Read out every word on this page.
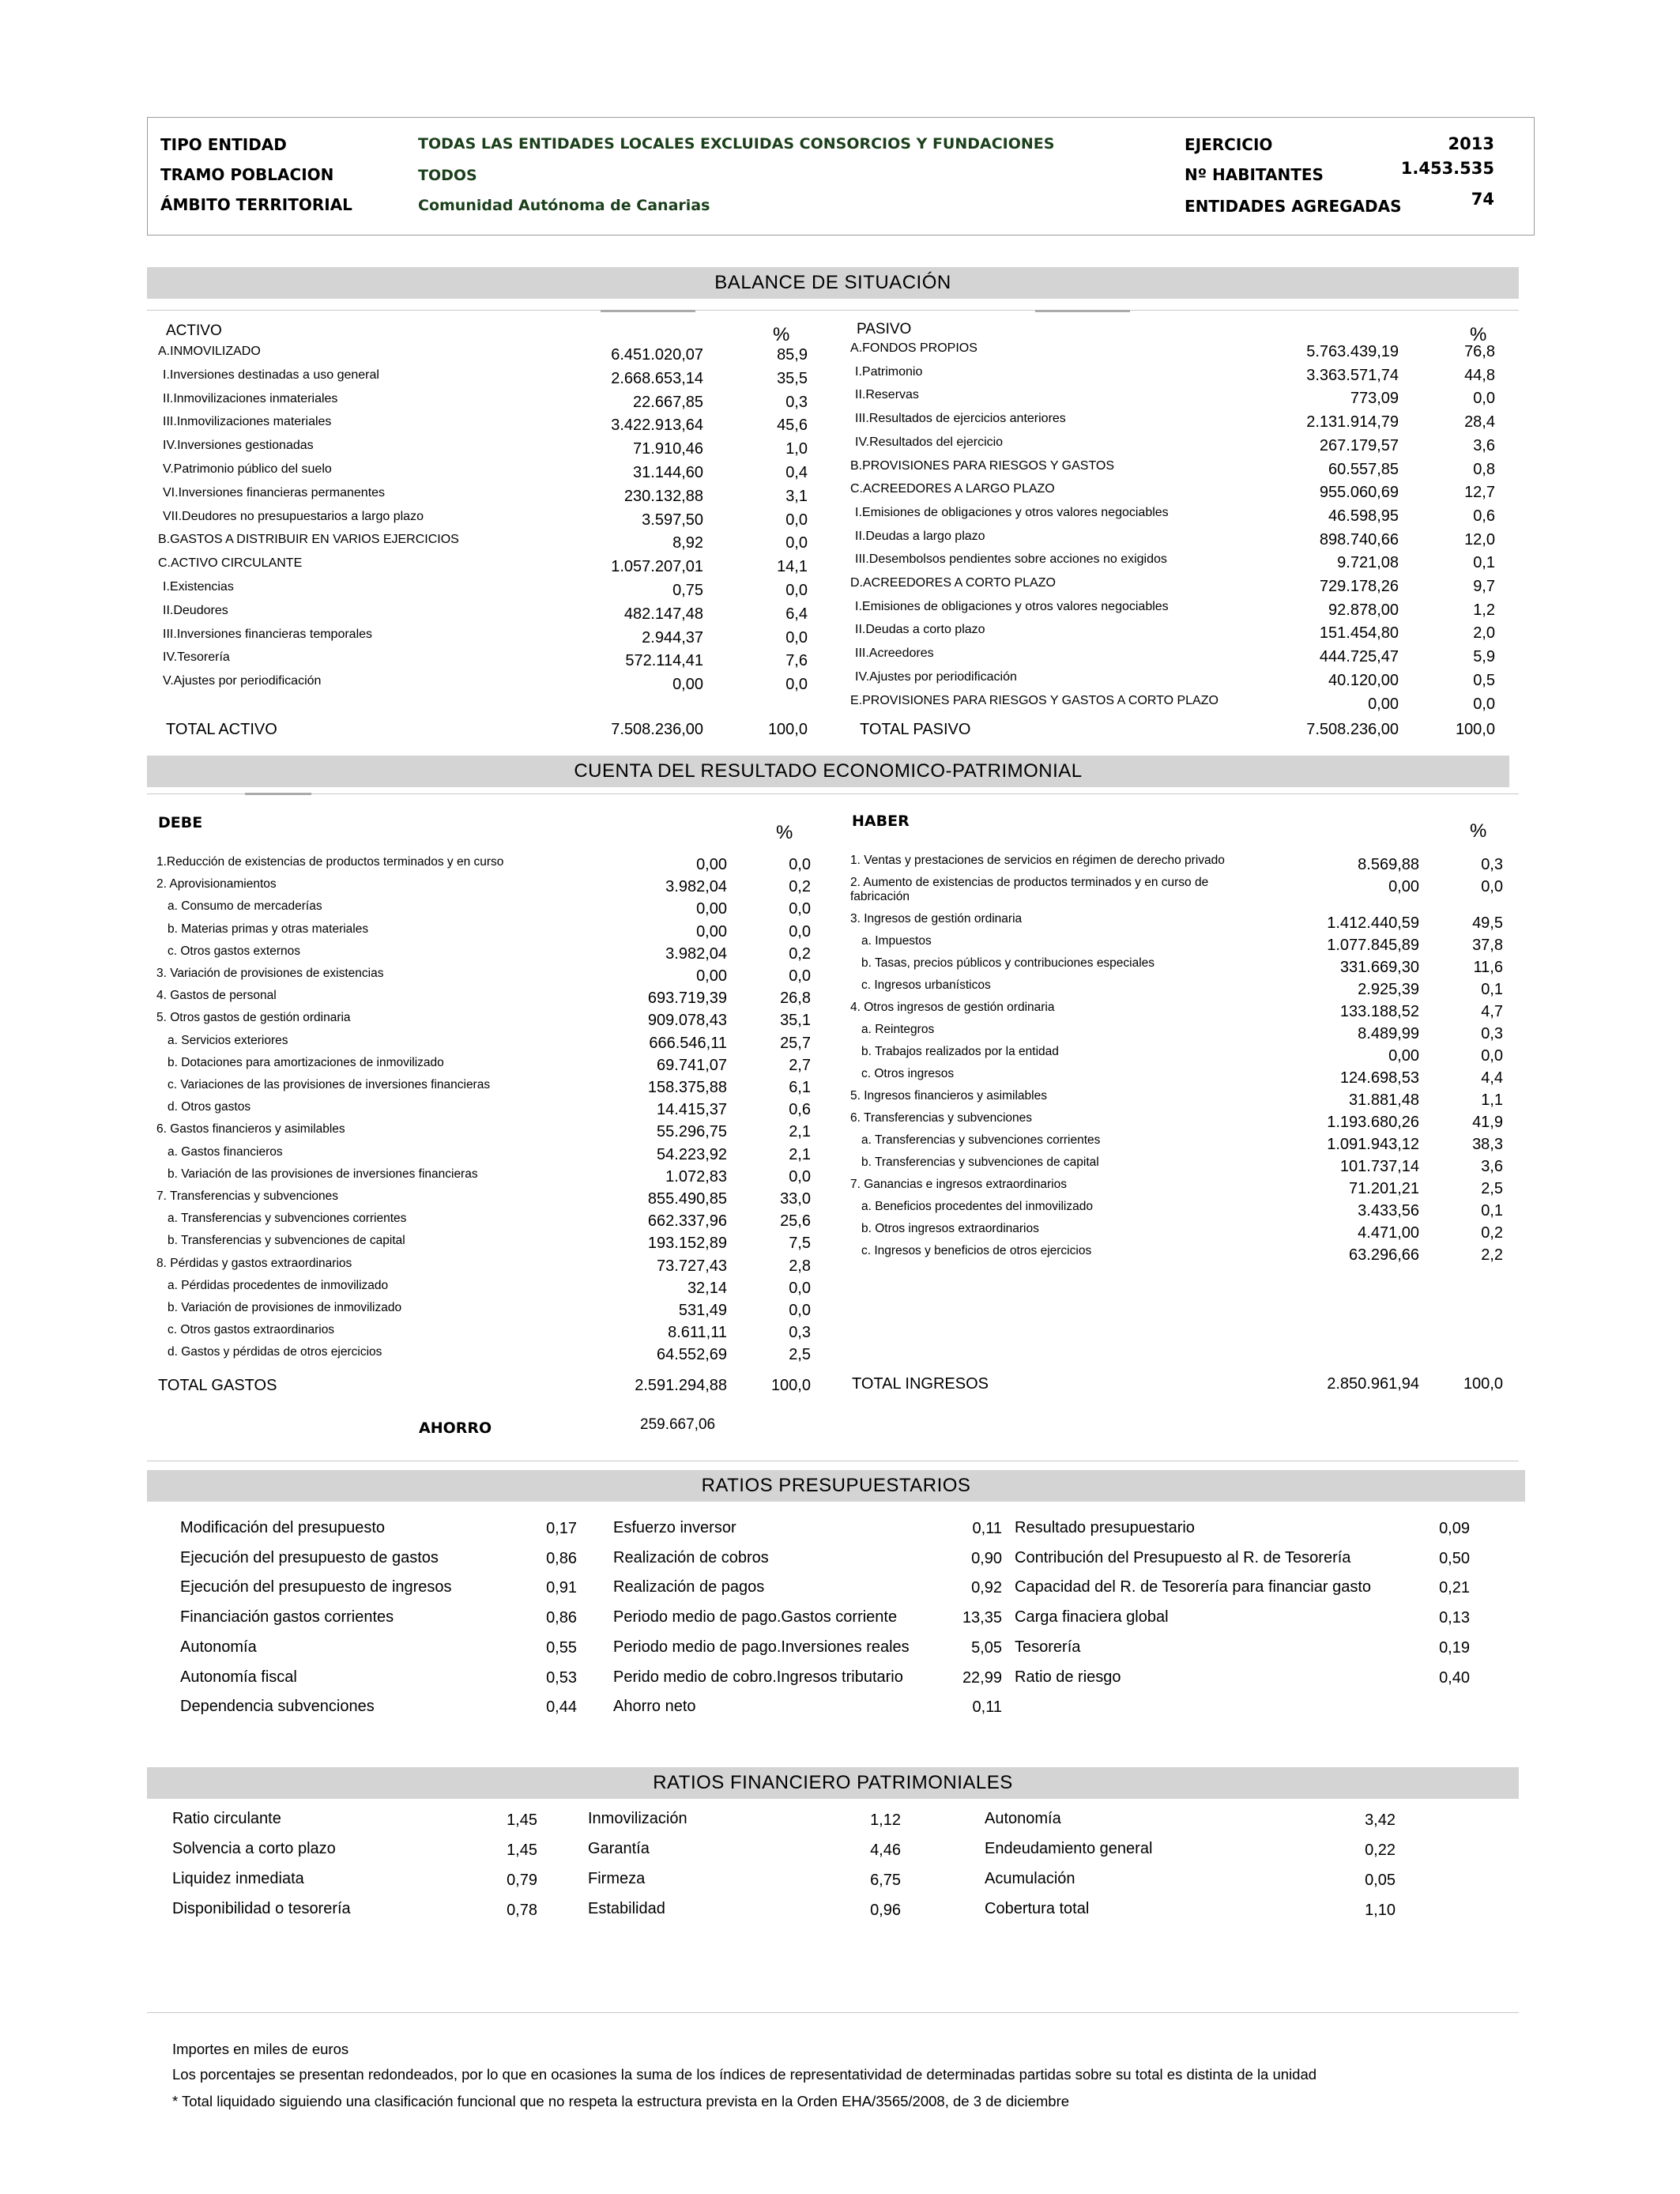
TIPO ENTIDAD	TODAS LAS ENTIDADES LOCALES EXCLUIDAS CONSORCIOS Y FUNDACIONES
TRAMO POBLACION	TODOS
ÁMBITO TERRITORIAL	Comunidad Autónoma de Canarias
EJERCICIO	2013
Nº HABITANTES	1.453.535
ENTIDADES AGREGADAS	74
BALANCE DE SITUACIÓN
ACTIVO	%	PASIVO	%
A.INMOVILIZADO	6.451.020,07	85,9
I.Inversiones destinadas a uso general	2.668.653,14	35,5
II.Inmovilizaciones inmateriales	22.667,85	0,3
III.Inmovilizaciones materiales	3.422.913,64	45,6
IV.Inversiones gestionadas	71.910,46	1,0
V.Patrimonio público del suelo	31.144,60	0,4
VI.Inversiones financieras permanentes	230.132,88	3,1
VII.Deudores no presupuestarios a largo plazo	3.597,50	0,0
B.GASTOS A DISTRIBUIR EN VARIOS EJERCICIOS	8,92	0,0
C.ACTIVO CIRCULANTE	1.057.207,01	14,1
I.Existencias	0,75	0,0
II.Deudores	482.147,48	6,4
III.Inversiones financieras temporales	2.944,37	0,0
IV.Tesorería	572.114,41	7,6
V.Ajustes por periodificación	0,00	0,0
A.FONDOS PROPIOS	5.763.439,19	76,8
I.Patrimonio	3.363.571,74	44,8
II.Reservas	773,09	0,0
III.Resultados de ejercicios anteriores	2.131.914,79	28,4
IV.Resultados del ejercicio	267.179,57	3,6
B.PROVISIONES PARA RIESGOS Y GASTOS	60.557,85	0,8
C.ACREEDORES A LARGO PLAZO	955.060,69	12,7
I.Emisiones de obligaciones y otros valores negociables	46.598,95	0,6
II.Deudas a largo plazo	898.740,66	12,0
III.Desembolsos pendientes sobre acciones no exigidos	9.721,08	0,1
D.ACREEDORES A CORTO PLAZO	729.178,26	9,7
I.Emisiones de obligaciones y otros valores negociables	92.878,00	1,2
II.Deudas a corto plazo	151.454,80	2,0
III.Acreedores	444.725,47	5,9
IV.Ajustes por periodificación	40.120,00	0,5
E.PROVISIONES PARA RIESGOS Y GASTOS A CORTO PLAZO	0,00	0,0
TOTAL ACTIVO	7.508.236,00	100,0	TOTAL PASIVO	7.508.236,00	100,0
CUENTA DEL RESULTADO ECONOMICO-PATRIMONIAL
DEBE	%
HABER	%
1.Reducción de existencias de productos terminados y en curso	0,00	0,0
2. Aprovisionamientos	3.982,04	0,2
a. Consumo de mercaderías	0,00	0,0
b. Materias primas y otras materiales	0,00	0,0
c. Otros gastos externos	3.982,04	0,2
3. Variación de provisiones de existencias	0,00	0,0
4. Gastos de personal	693.719,39	26,8
5. Otros gastos de gestión ordinaria	909.078,43	35,1
a. Servicios exteriores	666.546,11	25,7
b. Dotaciones para amortizaciones de inmovilizado	69.741,07	2,7
c. Variaciones de las provisiones de inversiones financieras	158.375,88	6,1
d. Otros gastos	14.415,37	0,6
6. Gastos financieros y asimilables	55.296,75	2,1
a. Gastos financieros	54.223,92	2,1
b. Variación de las provisiones de inversiones financieras	1.072,83	0,0
7. Transferencias y subvenciones	855.490,85	33,0
a. Transferencias y subvenciones corrientes	662.337,96	25,6
b. Transferencias y subvenciones de capital	193.152,89	7,5
8. Pérdidas y gastos extraordinarios	73.727,43	2,8
a. Pérdidas procedentes de inmovilizado	32,14	0,0
b. Variación de provisiones de inmovilizado	531,49	0,0
c. Otros gastos extraordinarios	8.611,11	0,3
d. Gastos y pérdidas de otros ejercicios	64.552,69	2,5
1. Ventas y prestaciones de servicios en régimen de derecho privado	8.569,88	0,3
2. Aumento de existencias de productos terminados y en curso de
fabricación
0,00	0,0
3. Ingresos de gestión ordinaria	1.412.440,59	49,5
a. Impuestos	1.077.845,89	37,8
b. Tasas, precios públicos y contribuciones especiales	331.669,30	11,6
c. Ingresos urbanísticos	2.925,39	0,1
4. Otros ingresos de gestión ordinaria	133.188,52	4,7
a. Reintegros	8.489,99	0,3
b. Trabajos realizados por la entidad	0,00	0,0
c. Otros ingresos	124.698,53	4,4
5. Ingresos financieros y asimilables	31.881,48	1,1
6. Transferencias y subvenciones	1.193.680,26	41,9
a. Transferencias y subvenciones corrientes	1.091.943,12	38,3
b. Transferencias y subvenciones de capital	101.737,14	3,6
7. Ganancias e ingresos extraordinarios	71.201,21	2,5
a. Beneficios procedentes del inmovilizado	3.433,56	0,1
b. Otros ingresos extraordinarios	4.471,00	0,2
c. Ingresos y beneficios de otros ejercicios	63.296,66	2,2
TOTAL GASTOS	2.591.294,88	100,0	TOTAL INGRESOS	2.850.961,94	100,0
AHORRO	259.667,06
RATIOS PRESUPUESTARIOS
Modificación del presupuesto	0,17
Ejecución del presupuesto de gastos	0,86
Ejecución del presupuesto de ingresos	0,91
Financiación gastos corrientes	0,86
Autonomía	0,55
Autonomía fiscal	0,53
Dependencia subvenciones	0,44
Esfuerzo inversor	0,11
Realización de cobros	0,90
Realización de pagos	0,92
Periodo medio de pago.Gastos corriente	13,35
Periodo medio de pago.Inversiones reales	5,05
Perido medio de cobro.Ingresos tributario	22,99
Ahorro neto	0,11
Resultado presupuestario	0,09
Contribución del Presupuesto al R. de Tesorería	0,50
Capacidad del R. de Tesorería para financiar gasto	0,21
Carga finaciera global	0,13
Tesorería	0,19
Ratio de riesgo	0,40
RATIOS FINANCIERO PATRIMONIALES
Ratio circulante	1,45
Solvencia a corto plazo	1,45
Liquidez inmediata	0,79
Disponibilidad o tesorería	0,78
Inmovilización	1,12
Garantía	4,46
Firmeza	6,75
Estabilidad	0,96
Autonomía	3,42
Endeudamiento general	0,22
Acumulación	0,05
Cobertura total	1,10
Importes en miles de euros
Los porcentajes se presentan redondeados, por lo que en ocasiones la suma de los índices de representatividad de determinadas partidas sobre su total es distinta de la unidad
* Total liquidado siguiendo una clasificación funcional que no respeta la estructura prevista en la Orden EHA/3565/2008, de 3 de diciembre
